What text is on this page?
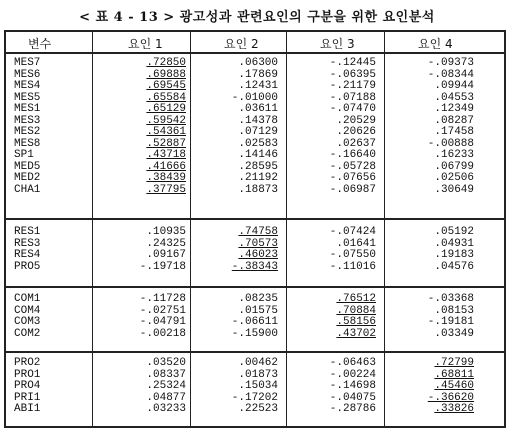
< 표 4 - 13 > 광고성과 관련요인의 구분을 위한 요인분석
변수	요인 1	요인 2	요인 3	요인 4
MES7	.72850	.06300	-.12445	-.09373
MES6	.69888	.17869	-.06395	-.08344
MES4	.69545	.12431	-.21179	.09944
MES5	.65584	-.01000	-.07188	.04553
MES1	.65129	.03611	-.07470	.12349
MES3	.59542	.14378	.20529	.08287
MES2	.54361	.07129	.20626	.17458
MES8	.52887	.02583	.02637	-.00888
SP1	.43718	.14146	-.16640	.16233
MED5	.41666	.28595	-.05728	.06799
MED2	.38439	.21192	-.07656	.02506
CHA1	.37795	.18873	-.06987	.30649
RES1	.10935	.74758	-.07424	.05192
RES3	.24325	.70573	.01641	.04931
RES4	.09167	.46023	-.07550	.19183
PRO5	-.19718	-.38343	-.11016	.04576
COM1	-.11728	.08235	.76512	-.03368
COM4	-.02751	.01575	.70884	.08153
COM3	-.04791	-.06611	.58156	-.19181
COM2	-.00218	-.15900	.43702	.03349
PRO2	.03520	.00462	-.06463	.72799
PRO1	.08337	.01873	-.00224	.68811
PRO4	.25324	.15034	-.14698	.45460
PRI1	.04877	-.17202	-.04075	-.36620
ABI1	.03233	.22523	-.28786	.33826
